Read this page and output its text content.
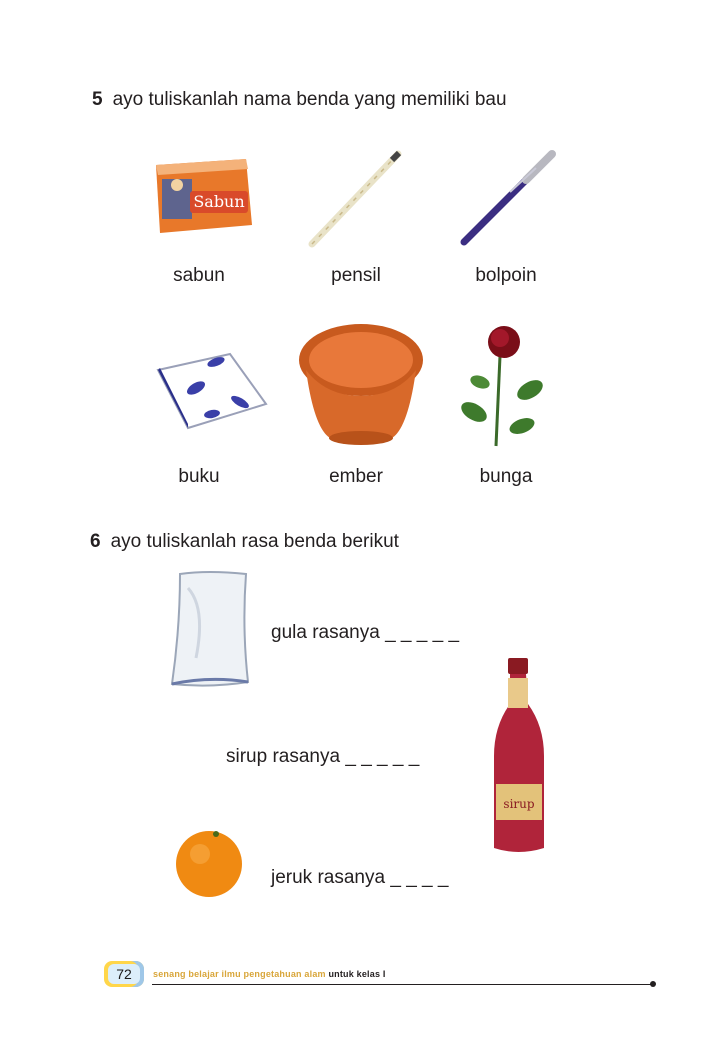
5 ayo tuliskanlah nama benda yang memiliki bau
Sabun
sabun	pensil	bolpoin
buku	ember	bunga
6 ayo tuliskanlah rasa benda berikut
gula rasanya _ _ _ _ _
sirup
sirup rasanya _ _ _ _ _
jeruk rasanya _ _ _ _
72	senang belajar ilmu pengetahuan alam untuk kelas I
